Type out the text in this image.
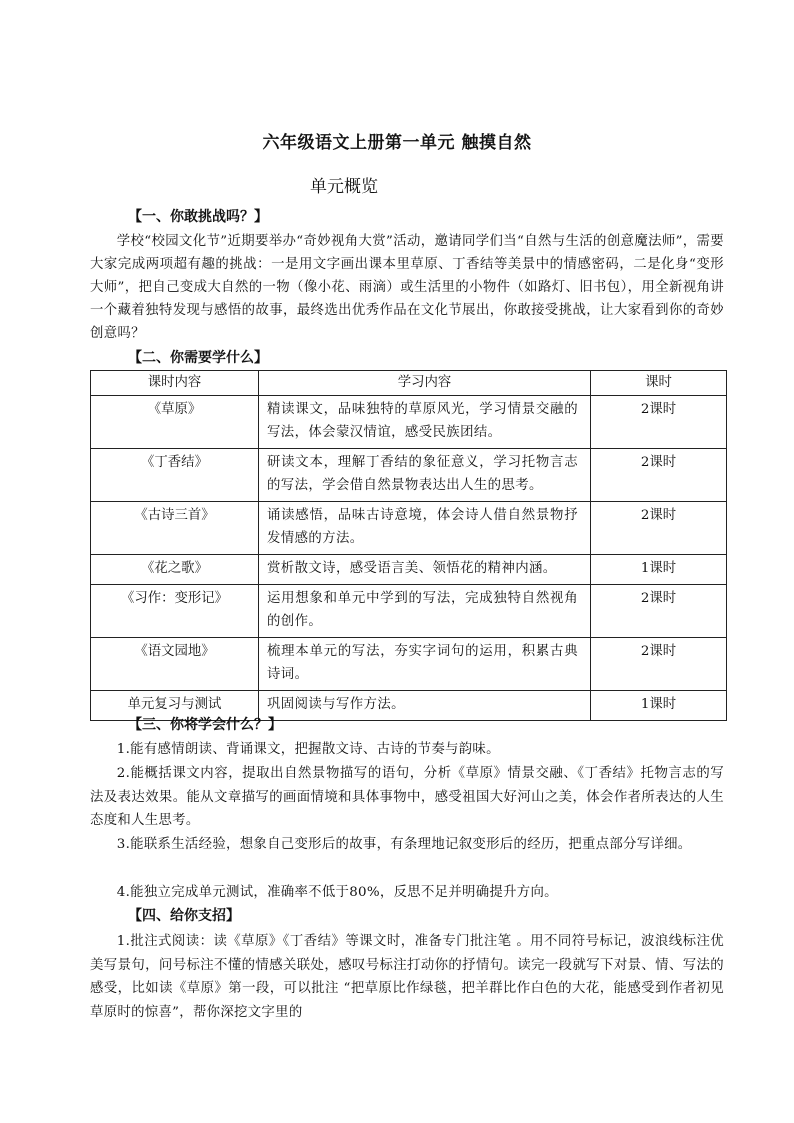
六年级语文上册第一单元 触摸自然
单元概览
【一、你敢挑战吗？】
学校“校园文化节”近期要举办“奇妙视角大赏”活动，邀请同学们当“自然与生活的创意魔法师”，需要大家完成两项超有趣的挑战：一是用文字画出课本里草原、丁香结等美景中的情感密码，二是化身“变形大师”，把自己变成大自然的一物（像小花、雨滴）或生活里的小物件（如路灯、旧书包），用全新视角讲一个藏着独特发现与感悟的故事，最终选出优秀作品在文化节展出，你敢接受挑战，让大家看到你的奇妙创意吗？
【二、你需要学什么】
课时内容	学习内容	课时
《草原》	精读课文，品味独特的草原风光，学习情景交融的写法，体会蒙汉情谊，感受民族团结。	2课时
《丁香结》	研读文本，理解丁香结的象征意义，学习托物言志的写法，学会借自然景物表达出人生的思考。	2课时
《古诗三首》	诵读感悟，品味古诗意境，体会诗人借自然景物抒发情感的方法。	2课时
《花之歌》	赏析散文诗，感受语言美、领悟花的精神内涵。	1课时
《习作：变形记》	运用想象和单元中学到的写法，完成独特自然视角的创作。	2课时
《语文园地》	梳理本单元的写法，夯实字词句的运用，积累古典诗词。	2课时
单元复习与测试	巩固阅读与写作方法。	1课时
【三、你将学会什么？】
1.能有感情朗读、背诵课文，把握散文诗、古诗的节奏与韵味。
2.能概括课文内容，提取出自然景物描写的语句，分析《草原》情景交融、《丁香结》托物言志的写法及表达效果。能从文章描写的画面情境和具体事物中，感受祖国大好河山之美，体会作者所表达的人生态度和人生思考。
3.能联系生活经验，想象自己变形后的故事，有条理地记叙变形后的经历，把重点部分写详细。
4.能独立完成单元测试，准确率不低于80%，反思不足并明确提升方向。
【四、给你支招】
1.批注式阅读：读《草原》《丁香结》等课文时，准备专门批注笔 。用不同符号标记，波浪线标注优美写景句，问号标注不懂的情感关联处，感叹号标注打动你的抒情句。读完一段就写下对景、情、写法的感受，比如读《草原》第一段，可以批注 “把草原比作绿毯，把羊群比作白色的大花，能感受到作者初见草原时的惊喜”，帮你深挖文字里的
